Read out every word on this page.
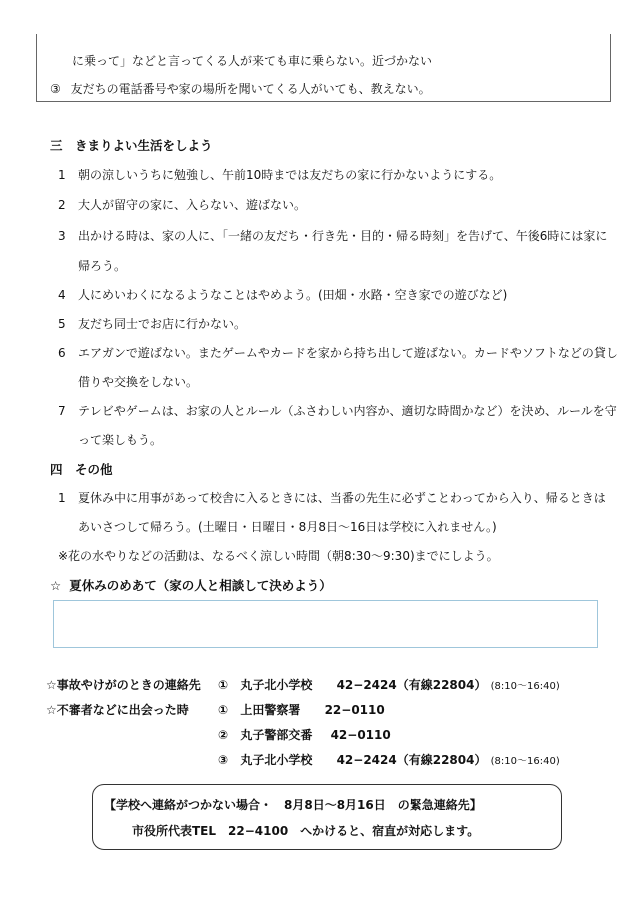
に乗って」などと言ってくる人が来ても車に乗らない。近づかない
③ 友だちの電話番号や家の場所を聞いてくる人がいても、教えない。
三　きまりよい生活をしよう
1 朝の涼しいうちに勉強し、午前10時までは友だちの家に行かないようにする。
2 大人が留守の家に、入らない、遊ばない。
3 出かける時は、家の人に、「一緒の友だち・行き先・目的・帰る時刻」を告げて、午後6時には家に
帰ろう。
4 人にめいわくになるようなことはやめよう。(田畑・水路・空き家での遊びなど)
5 友だち同士でお店に行かない。
6 エアガンで遊ばない。またゲームやカードを家から持ち出して遊ばない。カードやソフトなどの貸し
借りや交換をしない。
7 テレビやゲームは、お家の人とルール（ふさわしい内容か、適切な時間かなど）を決め、ルールを守
って楽しもう。
四　その他
1 夏休み中に用事があって校舎に入るときには、当番の先生に必ずことわってから入り、帰るときは
あいさつして帰ろう。(土曜日・日曜日・8月8日～16日は学校に入れません。)
※花の水やりなどの活動は、なるべく涼しい時間（朝8:30～9:30)までにしよう。
☆ 夏休みのめあて（家の人と相談して決めよう）
☆事故やけがのときの連絡先 ① 丸子北小学校 42−2424（有線22804） (8:10～16:40)
☆不審者などに出会った時 ① 上田警察署 22−0110
② 丸子警部交番 42−0110
③ 丸子北小学校 42−2424（有線22804） (8:10～16:40)
【学校へ連絡がつかない場合・　8月8日～8月16日　の緊急連絡先】
市役所代表TEL　22−4100　へかけると、宿直が対応します。
